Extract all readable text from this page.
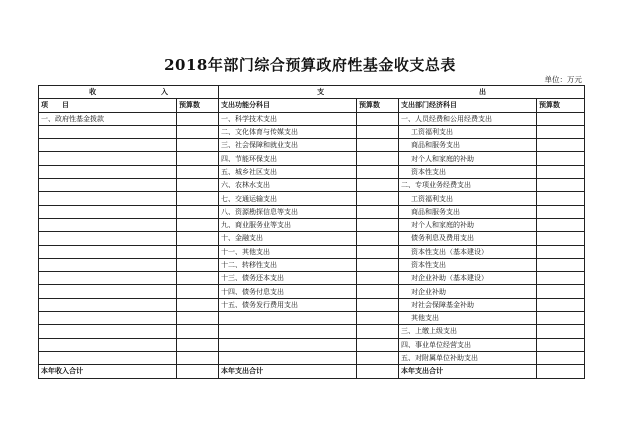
2018年部门综合预算政府性基金收支总表
单位：万元
收 入		支 出			
项　　目	预算数	支出功能分科目	预算数	支出部门经济科目	预算数
一、政府性基金拨款		一、科学技术支出		一、人员经费和公用经费支出	
		二、文化体育与传媒支出		工资福利支出	
		三、社会保障和就业支出		商品和服务支出	
		四、节能环保支出		对个人和家庭的补助	
		五、城乡社区支出		资本性支出	
		六、农林水支出		二、专项业务经费支出	
		七、交通运输支出		工资福利支出	
		八、资源勘探信息等支出		商品和服务支出	
		九、商业服务业等支出		对个人和家庭的补助	
		十、金融支出		债务利息及费用支出	
		十一、其他支出		资本性支出（基本建设）	
		十二、转移性支出		资本性支出	
		十三、债务还本支出		对企业补助（基本建设）	
		十四、债务付息支出		对企业补助	
		十五、债务发行费用支出		对社会保障基金补助	
				其他支出	
				三、上缴上级支出	
				四、事业单位经营支出	
				五、对附属单位补助支出	
本年收入合计		本年支出合计		本年支出合计	
